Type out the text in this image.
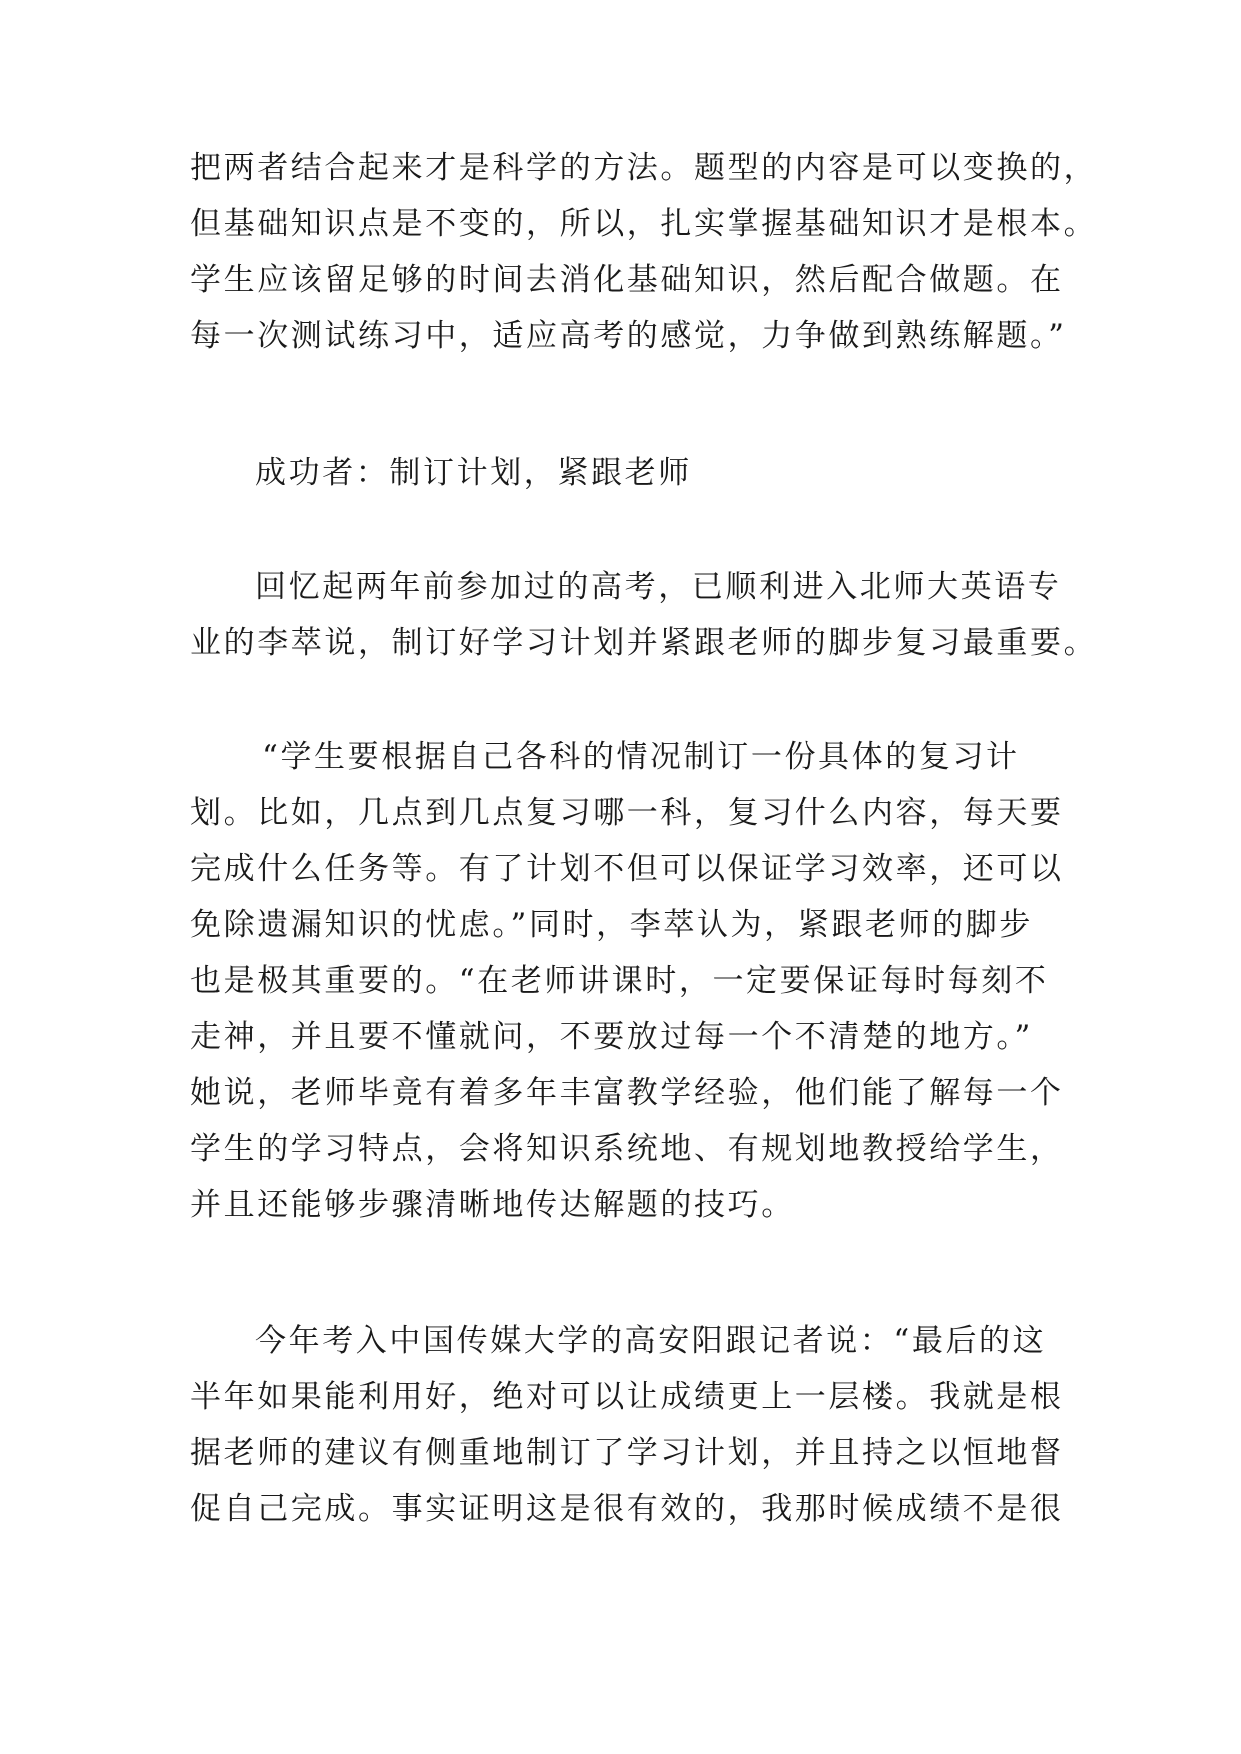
把两者结合起来才是科学的方法。题型的内容是可以变换的，
但基础知识点是不变的，所以，扎实掌握基础知识才是根本。
学生应该留足够的时间去消化基础知识，然后配合做题。在
每一次测试练习中，适应高考的感觉，力争做到熟练解题。”
成功者：制订计划，紧跟老师
回忆起两年前参加过的高考，已顺利进入北师大英语专
业的李萃说，制订好学习计划并紧跟老师的脚步复习最重要。
“学生要根据自己各科的情况制订一份具体的复习计
划。比如，几点到几点复习哪一科，复习什么内容，每天要
完成什么任务等。有了计划不但可以保证学习效率，还可以
免除遗漏知识的忧虑。”同时，李萃认为，紧跟老师的脚步
也是极其重要的。“在老师讲课时，一定要保证每时每刻不
走神，并且要不懂就问，不要放过每一个不清楚的地方。”
她说，老师毕竟有着多年丰富教学经验，他们能了解每一个
学生的学习特点，会将知识系统地、有规划地教授给学生，
并且还能够步骤清晰地传达解题的技巧。
今年考入中国传媒大学的高安阳跟记者说：“最后的这
半年如果能利用好，绝对可以让成绩更上一层楼。我就是根
据老师的建议有侧重地制订了学习计划，并且持之以恒地督
促自己完成。事实证明这是很有效的，我那时候成绩不是很
